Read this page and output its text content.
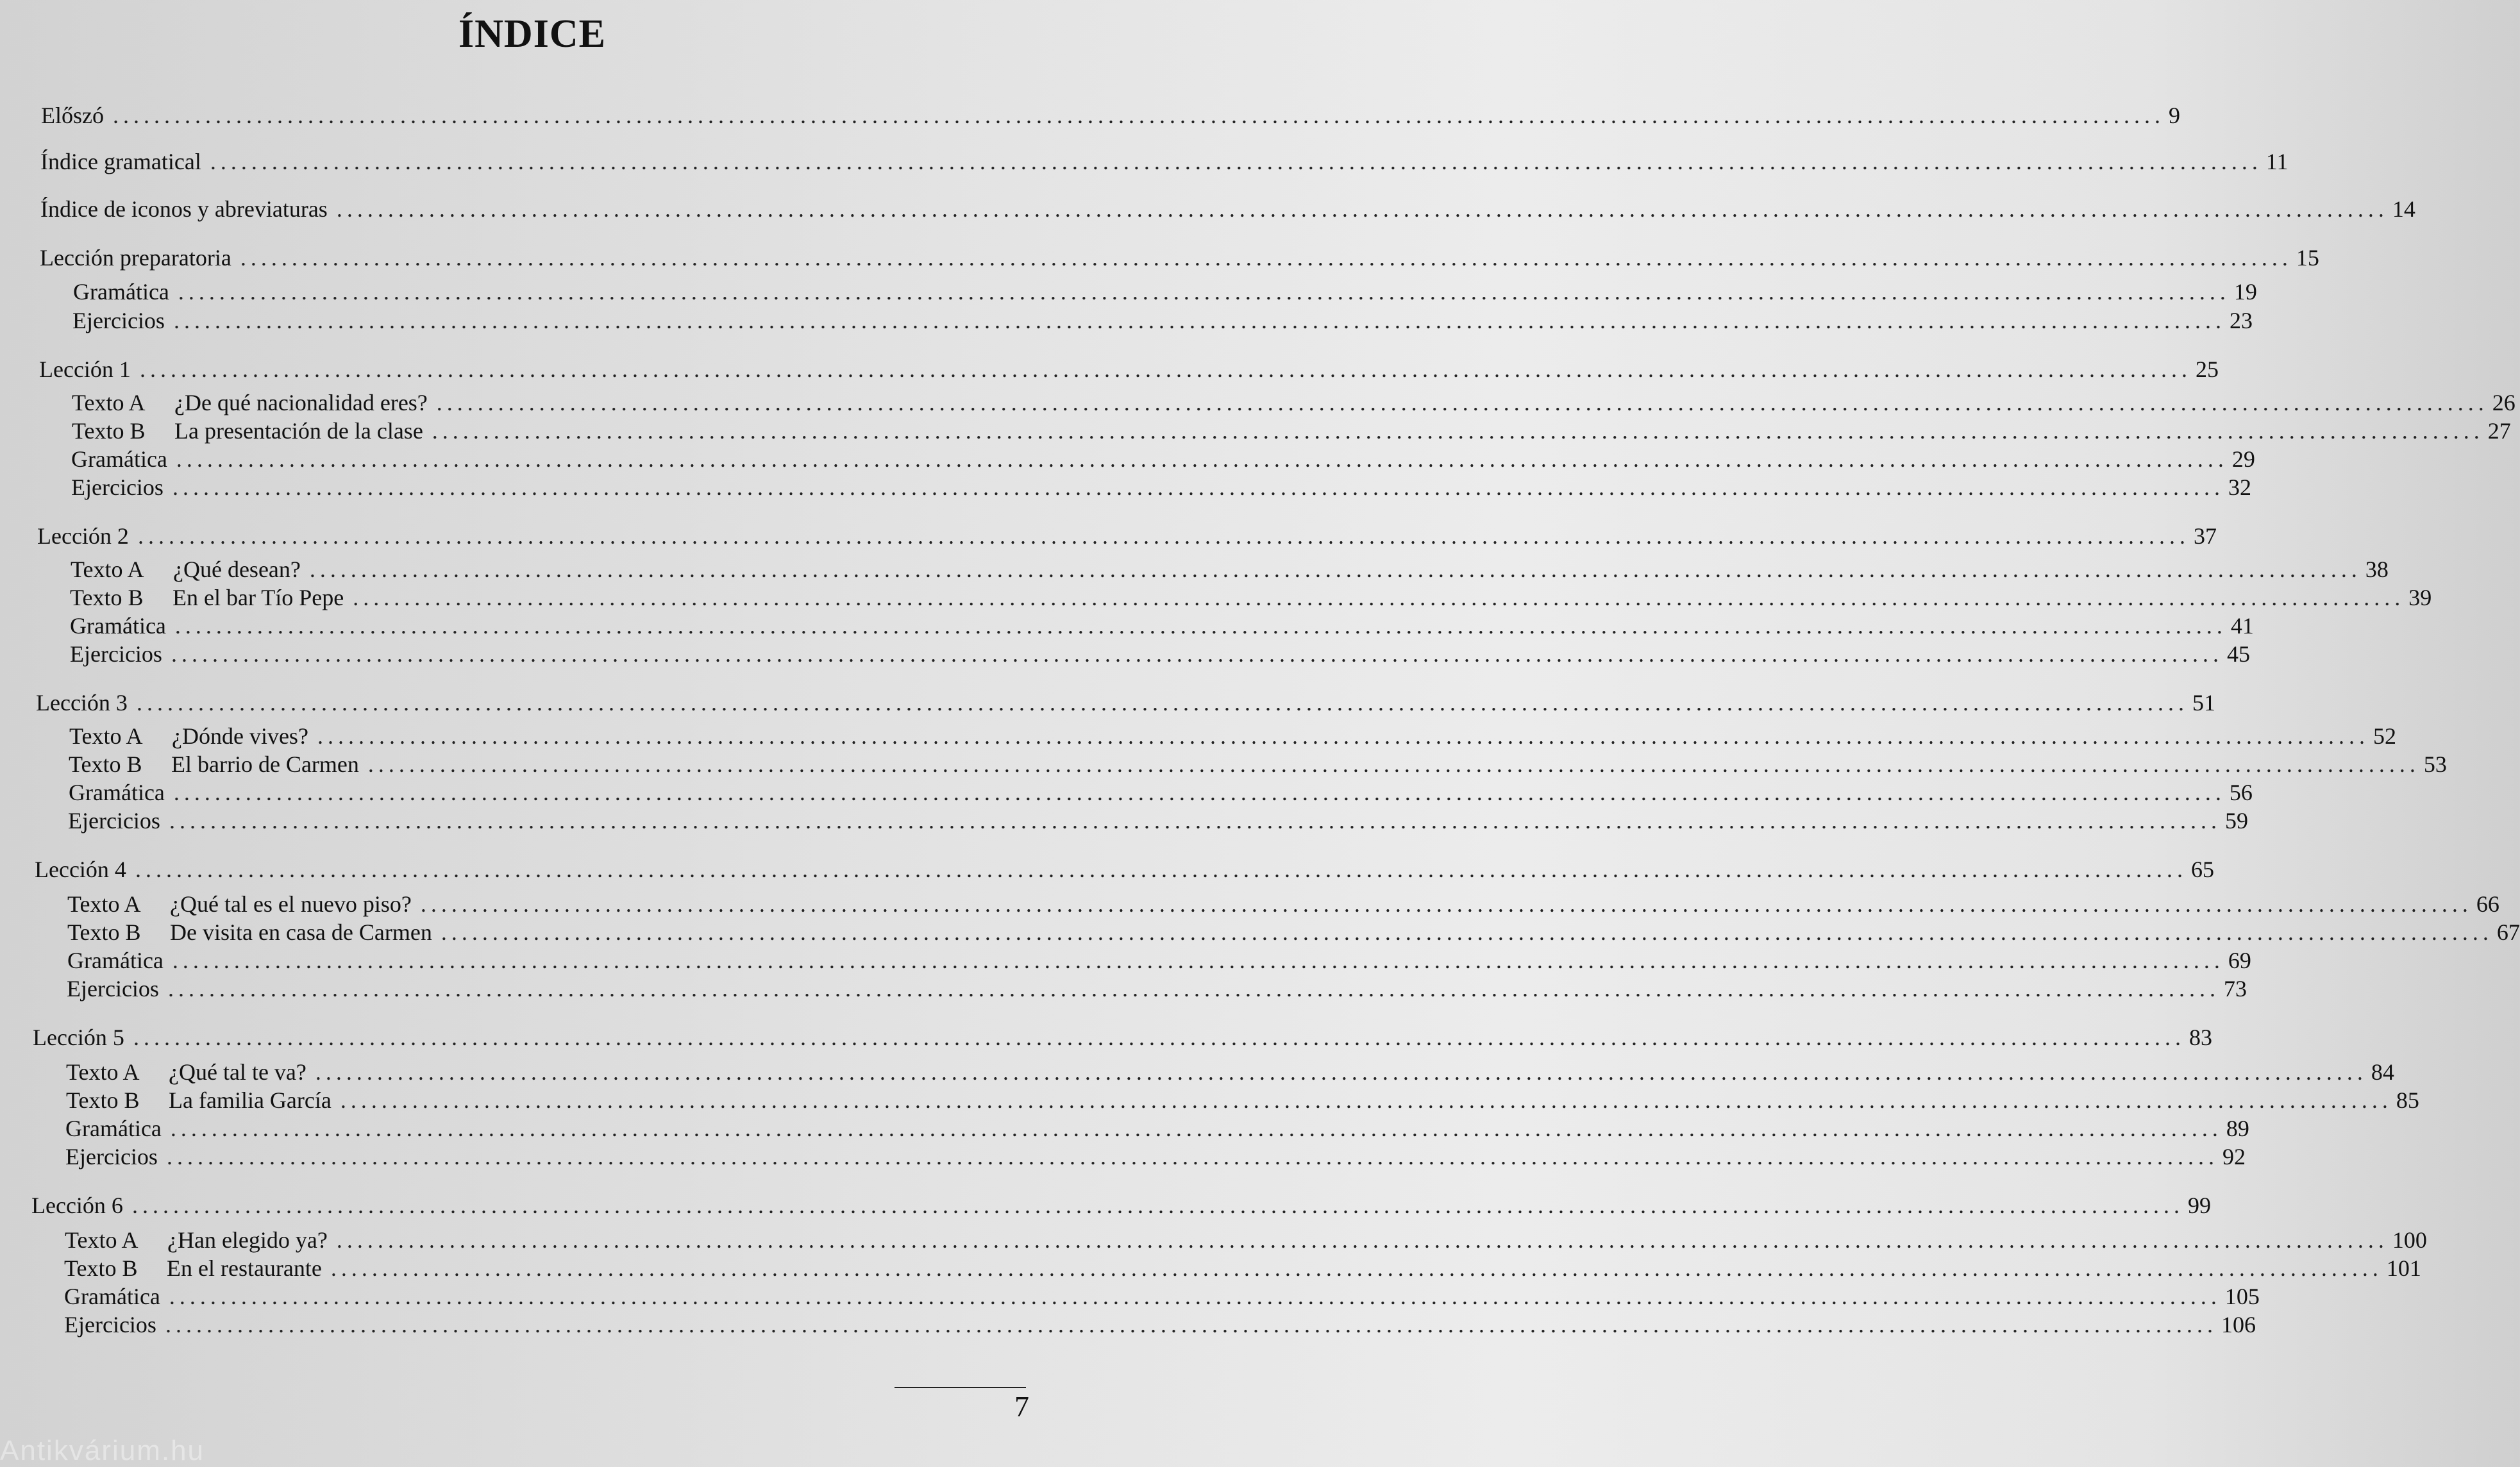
ÍNDICE
Előszó ........................................................................................................................................................................................................ 9
Índice gramatical ........................................................................................................................................................................................................ 11
Índice de iconos y abreviaturas ........................................................................................................................................................................................................ 14
Lección preparatoria ........................................................................................................................................................................................................ 15
Gramática ........................................................................................................................................................................................................ 19
Ejercicios ........................................................................................................................................................................................................ 23
Lección 1 ........................................................................................................................................................................................................ 25
Texto A ¿De qué nacionalidad eres? ........................................................................................................................................................................................................ 26
Texto B La presentación de la clase ........................................................................................................................................................................................................ 27
Gramática ........................................................................................................................................................................................................ 29
Ejercicios ........................................................................................................................................................................................................ 32
Lección 2 ........................................................................................................................................................................................................ 37
Texto A ¿Qué desean? ........................................................................................................................................................................................................ 38
Texto B En el bar Tío Pepe ........................................................................................................................................................................................................ 39
Gramática ........................................................................................................................................................................................................ 41
Ejercicios ........................................................................................................................................................................................................ 45
Lección 3 ........................................................................................................................................................................................................ 51
Texto A ¿Dónde vives? ........................................................................................................................................................................................................ 52
Texto B El barrio de Carmen ........................................................................................................................................................................................................ 53
Gramática ........................................................................................................................................................................................................ 56
Ejercicios ........................................................................................................................................................................................................ 59
Lección 4 ........................................................................................................................................................................................................ 65
Texto A ¿Qué tal es el nuevo piso? ........................................................................................................................................................................................................ 66
Texto B De visita en casa de Carmen ........................................................................................................................................................................................................ 67
Gramática ........................................................................................................................................................................................................ 69
Ejercicios ........................................................................................................................................................................................................ 73
Lección 5 ........................................................................................................................................................................................................ 83
Texto A ¿Qué tal te va? ........................................................................................................................................................................................................ 84
Texto B La familia García ........................................................................................................................................................................................................ 85
Gramática ........................................................................................................................................................................................................ 89
Ejercicios ........................................................................................................................................................................................................ 92
Lección 6 ........................................................................................................................................................................................................ 99
Texto A ¿Han elegido ya? ........................................................................................................................................................................................................ 100
Texto B En el restaurante ........................................................................................................................................................................................................ 101
Gramática ........................................................................................................................................................................................................ 105
Ejercicios ........................................................................................................................................................................................................ 106
7
Antikvárium.hu
